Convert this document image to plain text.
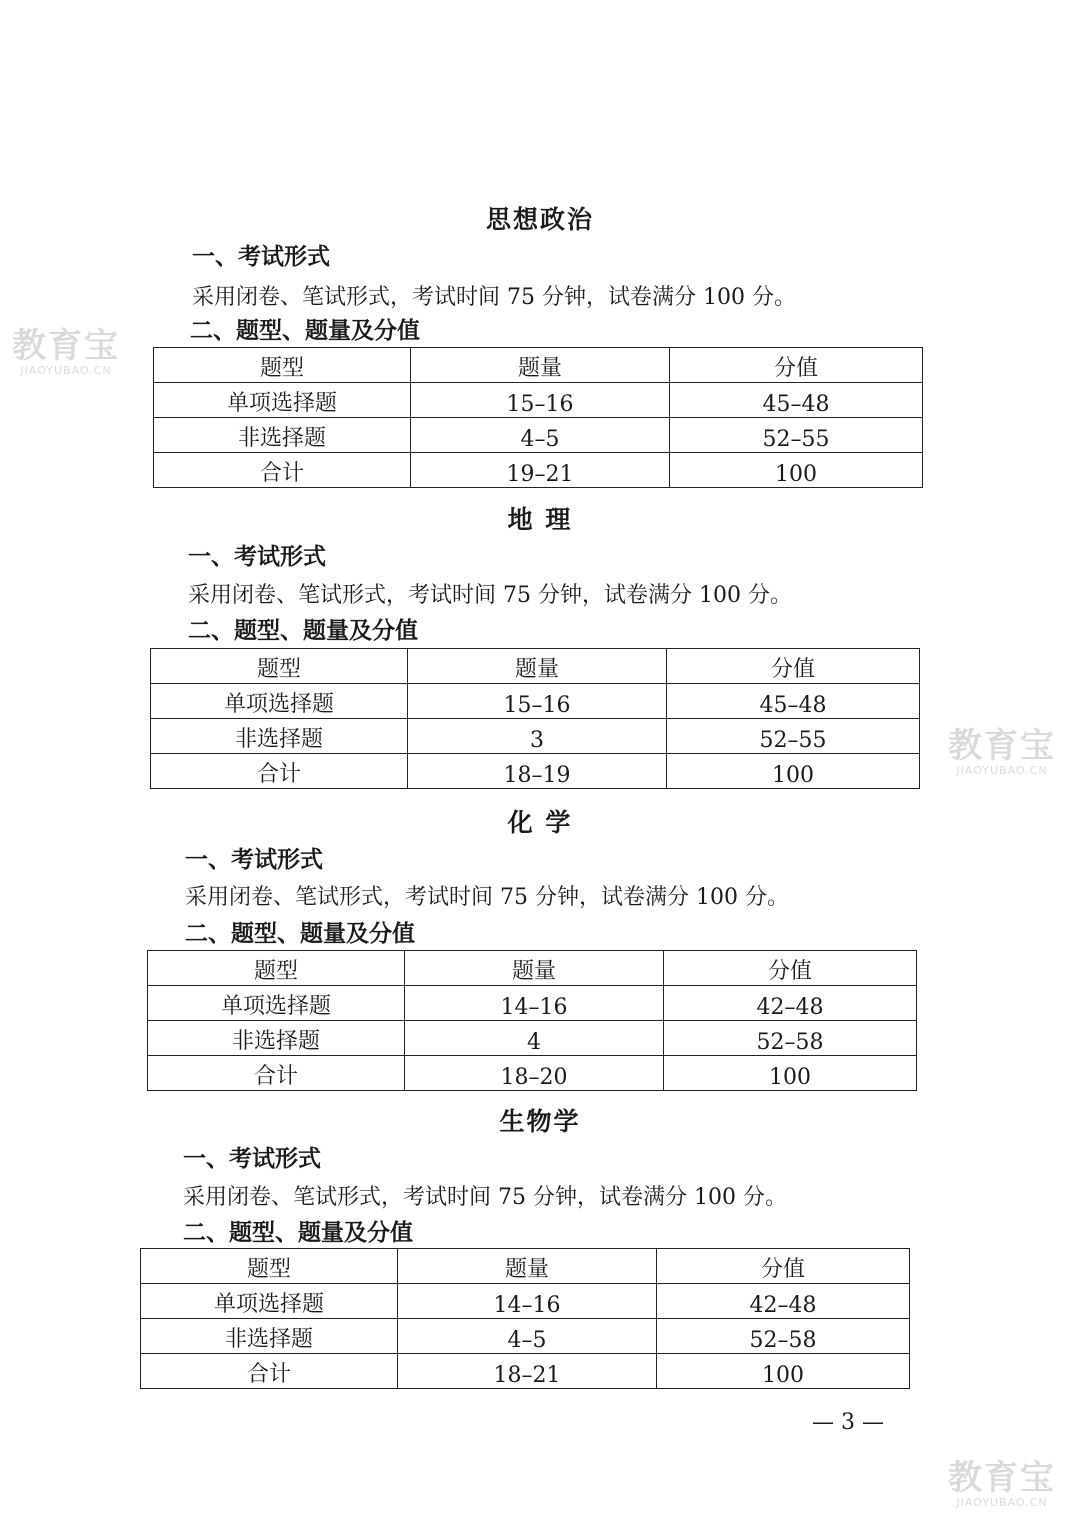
思想政治
一、考试形式
采用闭卷、笔试形式，考试时间 75 分钟，试卷满分 100 分。
二、题型、题量及分值
题型	题量	分值
单项选择题	15–16	45–48
非选择题	4–5	52–55
合计	19–21	100
地 理
一、考试形式
采用闭卷、笔试形式，考试时间 75 分钟，试卷满分 100 分。
二、题型、题量及分值
题型	题量	分值
单项选择题	15–16	45–48
非选择题	3	52–55
合计	18–19	100
化 学
一、考试形式
采用闭卷、笔试形式，考试时间 75 分钟，试卷满分 100 分。
二、题型、题量及分值
题型	题量	分值
单项选择题	14–16	42–48
非选择题	4	52–58
合计	18–20	100
生物学
一、考试形式
采用闭卷、笔试形式，考试时间 75 分钟，试卷满分 100 分。
二、题型、题量及分值
题型	题量	分值
单项选择题	14–16	42–48
非选择题	4–5	52–58
合计	18–21	100
— 3 —
教育宝
JIAOYUBAO.CN
教育宝
JIAOYUBAO.CN
教育宝
JIAOYUBAO.CN
